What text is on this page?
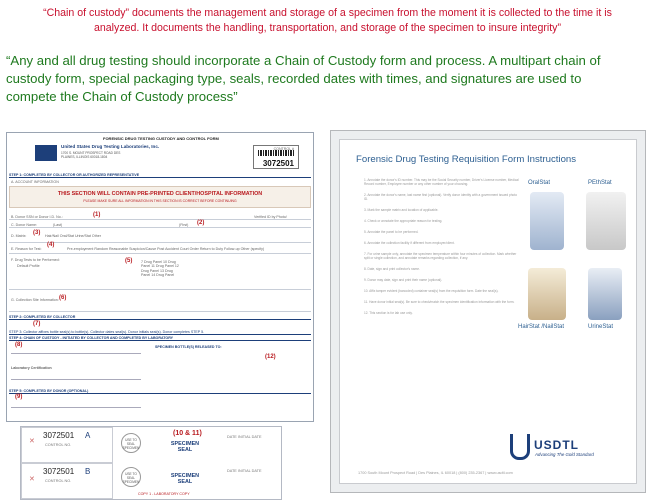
“Chain of custody” documents the management and storage of a specimen from the moment it is collected to the time it is
analyzed. It documents the handling, transportation, and storage of the specimen to insure integrity”
“Any and all drug testing should incorporate a Chain of Custody form and process. A multipart chain of
custody form, special packaging type, seals, recorded dates with times, and signatures are used to
compete the Chain of Custody process”
FORENSIC DRUG TESTING CUSTODY AND CONTROL FORM
United States Drug Testing Laboratories, Inc.
1700 S. MOUNT PROSPECT ROAD DES PLAINES, ILLINOIS 60018-1804
CONTROL #
3072501
STEP 1: COMPLETED BY COLLECTOR OR AUTHORIZED REPRESENTATIVE
A. ACCOUNT INFORMATION
THIS SECTION WILL CONTAIN PRE-PRINTED CLIENT/HOSPITAL INFORMATION
PLEASE MAKE SURE ALL INFORMATION IN THIS SECTION IS CORRECT BEFORE CONTINUING
B. Donor SSN or Donor I.D. No.:	Verified ID by Photo/
(1)
C. Donor Name:	(Last)	(First) (2)
D. Matrix:	Hair/Nail Oral/Stat Urine/Stat Other
(3)
E. Reason for Test:	Pre-employment Random Reasonable Suspicion/Cause Post Accident Court Order Return to Duty Follow-up Other (specify)
(4)
F. Drug Tests to be Performed:
Default Profile
7 Drug Panel 10 Drug Panel 11 Drug Panel 12 Drug Panel 13 Drug Panel 14 Drug Panel
(5)
G. Collection Site Information: (6)
STEP 2: COMPLETED BY COLLECTOR
(7)
STEP 3: Collector affixes bottle seal(s) to bottle(s). Collector dates seal(s). Donor initials seal(s). Donor completes STEP 5.
STEP 4: CHAIN OF CUSTODY - INITIATED BY COLLECTOR AND COMPLETED BY LABORATORY
(8)	SPECIMEN BOTTLE(S) RELEASED TO:
(12)
Laboratory Certification
STEP 5: COMPLETED BY DONOR (OPTIONAL)
(9)
✕
3072501 A
CONTROL NO.
✕
3072501 B
CONTROL NO.
USE TO SEAL SPECIMEN
USE TO SEAL SPECIMEN
(10 & 11)
SPECIMEN SEAL
SPECIMEN SEAL
DATE INITIAL DATE
DATE INITIAL DATE
COPY 1 - LABORATORY COPY
Forensic Drug Testing Requisition Form Instructions
1. Annotate the donor's ID number. This may be the Social Security number, Driver's License number, Medical Record number, Employee number or any other number of your choosing.
2. Annotate the donor's name, last name first (optional). Verify donor identity with a government issued photo ID.
3. Mark the sample matrix and location of applicable.
4. Check or annotate the appropriate reason for testing.
5. Annotate the panel to be performed.
6. Annotate the collection facility if different from employer/client.
7. For urine sample only, annotate the specimen temperature within four minutes of collection. Mark whether split or single collection, and annotate remarks regarding collection, if any.
8. Date, sign and print collector's name.
9. Donor may date, sign and print their name (optional).
10. Affix tamper evident (barcoded) container seal(s) from the requisition form. Date the seal(s).
11. Have donor initial seal(s). Be sure to check/match the specimen identification information with the form.
12. This section is for lab use only.
OralStat	PEthStat
HairStat /NailStat	UrineStat
USDTL
Advancing The Gold Standard
1700 South Mount Prospect Road | Des Plaines, IL 60018 | (800) 235-2367 | www.usdtl.com
